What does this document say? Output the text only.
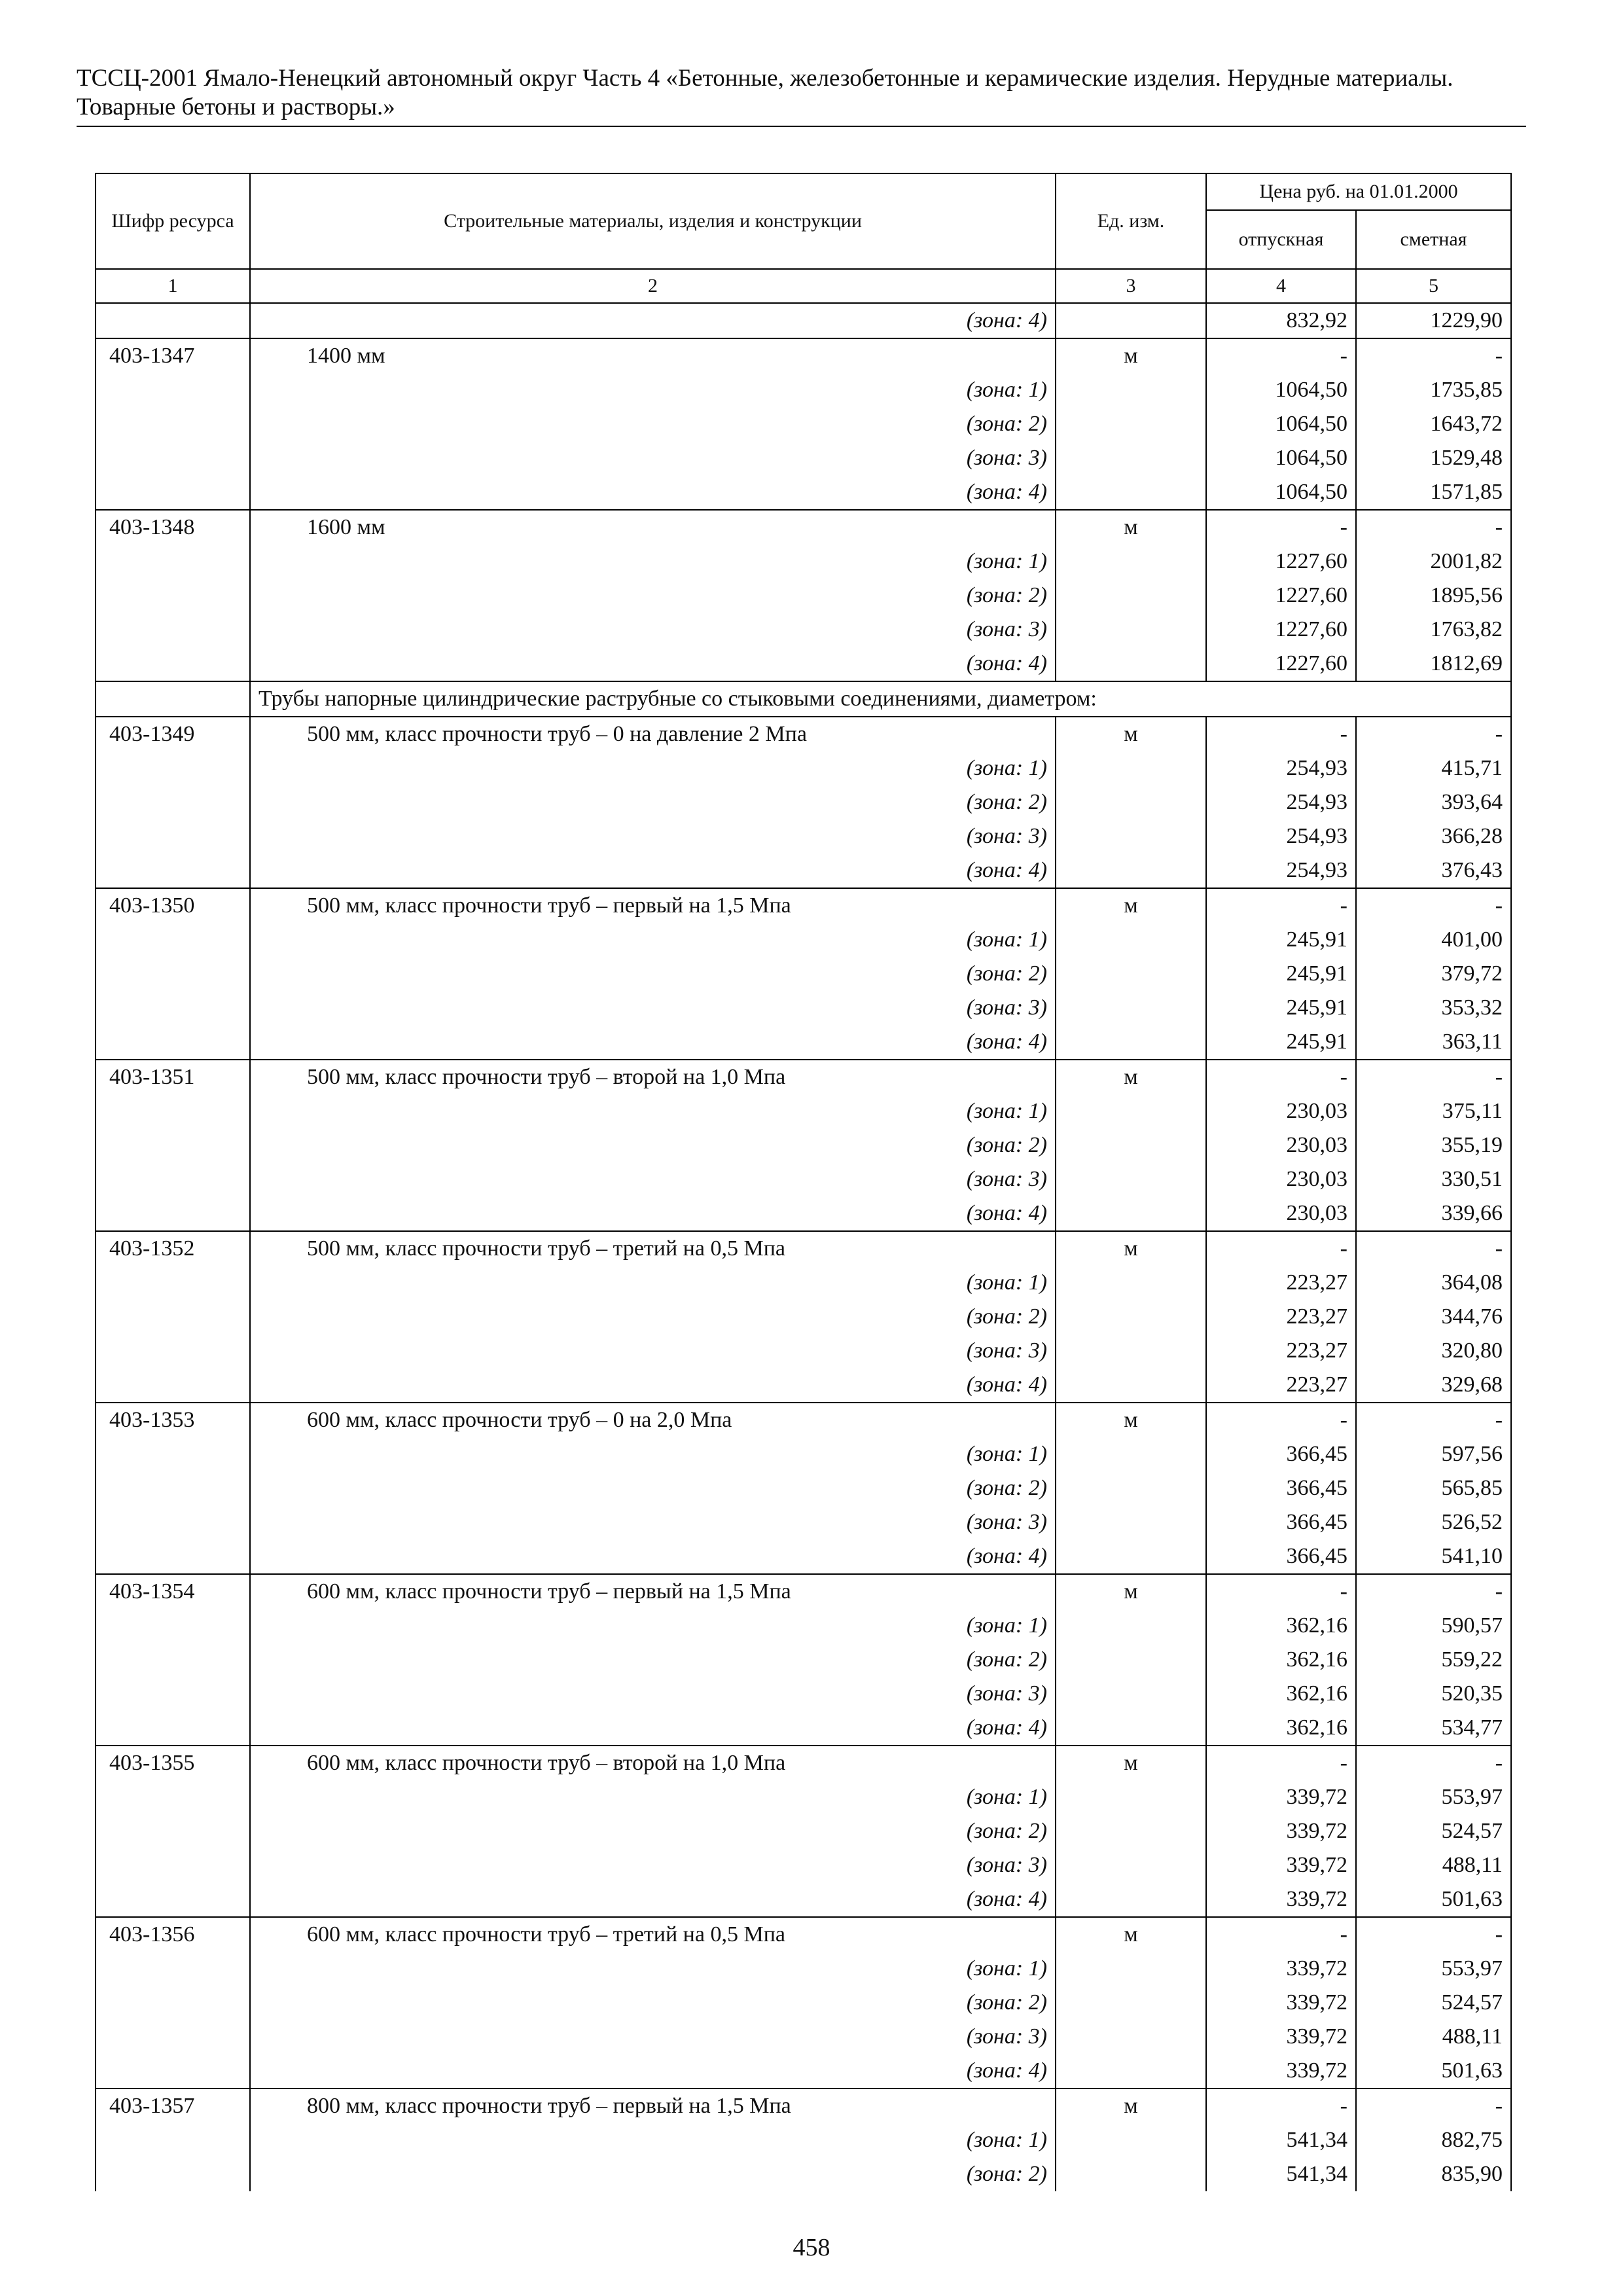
ТССЦ-2001 Ямало-Ненецкий автономный округ Часть 4 «Бетонные, железобетонные и керамические изделия. Нерудные материалы.
Товарные бетоны и растворы.»
Шифр ресурса	Строительные материалы, изделия и конструкции	Ед. изм.	Цена руб. на 01.01.2000	
			отпускная	сметная
1	2	3	4	5
	(зона: 4)		832,92	1229,90
403-1347	1400 мм	м	-	-
	(зона: 1)		1064,50	1735,85
	(зона: 2)		1064,50	1643,72
	(зона: 3)		1064,50	1529,48
	(зона: 4)		1064,50	1571,85
403-1348	1600 мм	м	-	-
	(зона: 1)		1227,60	2001,82
	(зона: 2)		1227,60	1895,56
	(зона: 3)		1227,60	1763,82
	(зона: 4)		1227,60	1812,69
	Трубы напорные цилиндрические раструбные со стыковыми соединениями, диаметром:			
403-1349	500 мм, класс прочности труб – 0 на давление 2 Мпа	м	-	-
	(зона: 1)		254,93	415,71
	(зона: 2)		254,93	393,64
	(зона: 3)		254,93	366,28
	(зона: 4)		254,93	376,43
403-1350	500 мм, класс прочности труб – первый на 1,5 Мпа	м	-	-
	(зона: 1)		245,91	401,00
	(зона: 2)		245,91	379,72
	(зона: 3)		245,91	353,32
	(зона: 4)		245,91	363,11
403-1351	500 мм, класс прочности труб – второй на 1,0 Мпа	м	-	-
	(зона: 1)		230,03	375,11
	(зона: 2)		230,03	355,19
	(зона: 3)		230,03	330,51
	(зона: 4)		230,03	339,66
403-1352	500 мм, класс прочности труб – третий на 0,5 Мпа	м	-	-
	(зона: 1)		223,27	364,08
	(зона: 2)		223,27	344,76
	(зона: 3)		223,27	320,80
	(зона: 4)		223,27	329,68
403-1353	600 мм, класс прочности труб – 0 на 2,0 Мпа	м	-	-
	(зона: 1)		366,45	597,56
	(зона: 2)		366,45	565,85
	(зона: 3)		366,45	526,52
	(зона: 4)		366,45	541,10
403-1354	600 мм, класс прочности труб – первый на 1,5 Мпа	м	-	-
	(зона: 1)		362,16	590,57
	(зона: 2)		362,16	559,22
	(зона: 3)		362,16	520,35
	(зона: 4)		362,16	534,77
403-1355	600 мм, класс прочности труб – второй на 1,0 Мпа	м	-	-
	(зона: 1)		339,72	553,97
	(зона: 2)		339,72	524,57
	(зона: 3)		339,72	488,11
	(зона: 4)		339,72	501,63
403-1356	600 мм, класс прочности труб – третий на 0,5 Мпа	м	-	-
	(зона: 1)		339,72	553,97
	(зона: 2)		339,72	524,57
	(зона: 3)		339,72	488,11
	(зона: 4)		339,72	501,63
403-1357	800 мм, класс прочности труб – первый на 1,5 Мпа	м	-	-
	(зона: 1)		541,34	882,75
	(зона: 2)		541,34	835,90
458
